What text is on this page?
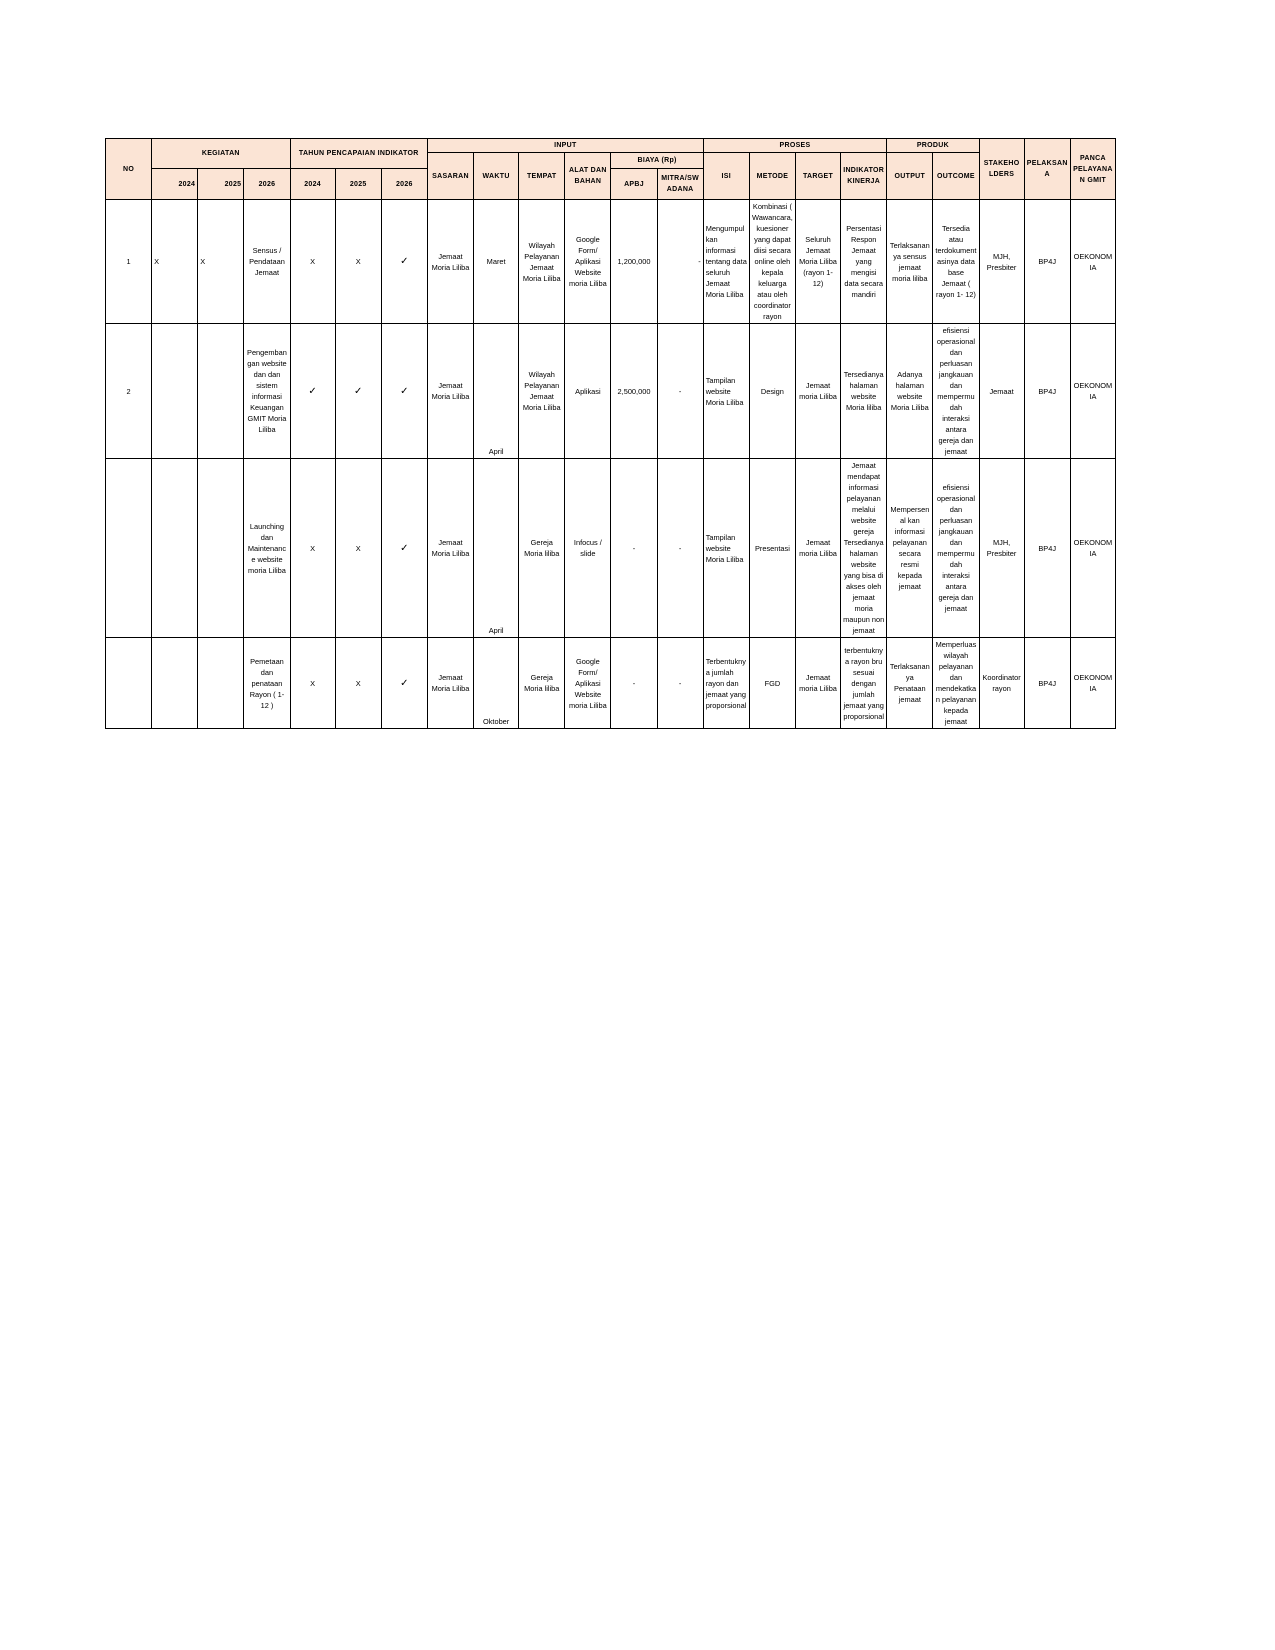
NO	KEGIATAN			TAHUN PENCAPAIAN INDIKATOR			INPUT						PROSES				PRODUK		STAKEHOLDERS	PELAKSANA	PANCA PELAYANAN GMIT
							SASARAN	WAKTU	TEMPAT	ALAT DAN BAHAN	BIAYA (Rp)		ISI	METODE	TARGET	INDIKATOR KINERJA	OUTPUT	OUTCOME			
	2024	2025	2026	2024	2025	2026					APBJ	MITRA/SWADANA									
1	X	X	Sensus / Pendataan Jemaat	X	X	✓	Jemaat Moria Liliba	Maret	Wilayah Pelayanan Jemaat Moria Liliba	Google Form/ Aplikasi Website moria Liliba	1,200,000	-	Mengumpulkan informasi tentang data seluruh Jemaat Moria Liliba	Kombinasi ( Wawancara, kuesioner yang dapat diisi secara online oleh kepala keluarga atau oleh coordinator rayon	Seluruh Jemaat Moria Liliba (rayon 1-12)	Persentasi Respon Jemaat yang mengisi data secara mandiri	Terlaksananya sensus jemaat moria liliba	Tersedia atau terdokumentasinya data base Jemaat ( rayon 1- 12)	MJH, Presbiter	BP4J	OEKONOMIA
2			Pengembangan website dan dan sistem informasi Keuangan GMIT Moria Liliba	✓	✓	✓	Jemaat Moria Liliba	April	Wilayah Pelayanan Jemaat Moria Liliba	Aplikasi	2,500,000	-	Tampilan website Moria Liliba	Design	Jemaat moria Liliba	Tersedianya halaman website Moria liliba	Adanya halaman website Moria Liliba	efisiensi operasional dan perluasan jangkauan dan mempermudah interaksi antara gereja dan jemaat	Jemaat	BP4J	OEKONOMIA
			Launching dan Maintenance website moria Liliba	X	X	✓	Jemaat Moria Liliba	April	Gereja Moria liliba	Infocus / slide	-	-	Tampilan website Moria Liliba	Presentasi	Jemaat moria Liliba	Jemaat mendapat informasi pelayanan melalui website gereja Tersedianya halaman website yang bisa di akses oleh jemaat moria maupun non jemaat	Mempersenal kan informasi pelayanan secara resmi kepada jemaat	efisiensi operasional dan perluasan jangkauan dan mempermudah interaksi antara gereja dan jemaat	MJH, Presbiter	BP4J	OEKONOMIA
			Pemetaan dan penataan Rayon ( 1- 12 )	X	X	✓	Jemaat Moria Liliba	Oktober	Gereja Moria liliba	Google Form/ Aplikasi Website moria Liliba	-	-	Terbentuknya jumlah rayon dan jemaat yang proporsional	FGD	Jemaat moria Liliba	terbentuknya rayon bru sesuai dengan jumlah jemaat yang proporsional	Terlaksananya Penataan jemaat	Memperluas wilayah pelayanan dan mendekatkan pelayanan kepada jemaat	Koordinator rayon	BP4J	OEKONOMIA
